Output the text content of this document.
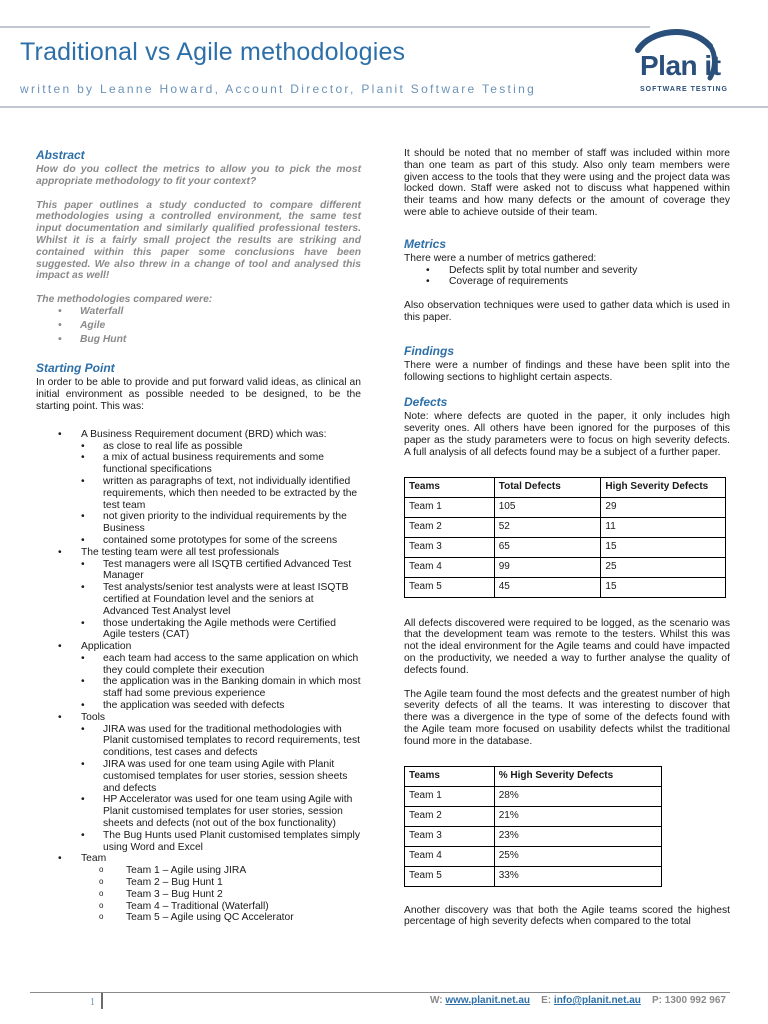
Traditional vs Agile methodologies
written by Leanne Howard, Account Director, Planit Software Testing
Plan it
SOFTWARE TESTING
Abstract

How do you collect the metrics to allow you to pick the most appropriate methodology to fit your context?

This paper outlines a study conducted to compare different methodologies using a controlled environment, the same test input documentation and similarly qualified professional testers. Whilst it is a fairly small project the results are striking and contained within this paper some conclusions have been suggested. We also threw in a change of tool and analysed this impact as well!

The methodologies compared were:

• Waterfall
• Agile
• Bug Hunt
Starting Point

In order to be able to provide and put forward valid ideas, as clinical an initial environment as possible needed to be designed, to be the starting point. This was:

• A Business Requirement document (BRD) which was:
• as close to real life as possible
• a mix of actual business requirements and some functional specifications
• written as paragraphs of text, not individually identified requirements, which then needed to be extracted by the test team
• not given priority to the individual requirements by the Business
• contained some prototypes for some of the screens
• The testing team were all test professionals
• Test managers were all ISQTB certified Advanced Test Manager
• Test analysts/senior test analysts were at least ISQTB certified at Foundation level and the seniors at Advanced Test Analyst level
• those undertaking the Agile methods were Certified Agile testers (CAT)
• Application
• each team had access to the same application on which they could complete their execution
• the application was in the Banking domain in which most staff had some previous experience
• the application was seeded with defects
• Tools
• JIRA was used for the traditional methodologies with Planit customised templates to record requirements, test conditions, test cases and defects
• JIRA was used for one team using Agile with Planit customised templates for user stories, session sheets and defects
• HP Accelerator was used for one team using Agile with Planit customised templates for user stories, session sheets and defects (not out of the box functionality)
• The Bug Hunts used Planit customised templates simply using Word and Excel
• Team
o Team 1 – Agile using JIRA
o Team 2 – Bug Hunt 1
o Team 3 – Bug Hunt 2
o Team 4 – Traditional (Waterfall)
o Team 5 – Agile using QC Accelerator

It should be noted that no member of staff was included within more than one team as part of this study. Also only team members were given access to the tools that they were using and the project data was locked down. Staff were asked not to discuss what happened within their teams and how many defects or the amount of coverage they were able to achieve outside of their team.

Metrics

There were a number of metrics gathered:

• Defects split by total number and severity
• Coverage of requirements

Also observation techniques were used to gather data which is used in this paper.

Findings

There were a number of findings and these have been split into the following sections to highlight certain aspects.

Defects

Note: where defects are quoted in the paper, it only includes high severity ones. All others have been ignored for the purposes of this paper as the study parameters were to focus on high severity defects. A full analysis of all defects found may be a subject of a further paper.

Teams	Total Defects	High Severity Defects
Team 1	105	29
Team 2	52	11
Team 3	65	15
Team 4	99	25
Team 5	45	15

All defects discovered were required to be logged, as the scenario was that the development team was remote to the testers. Whilst this was not the ideal environment for the Agile teams and could have impacted on the productivity, we needed a way to further analyse the quality of defects found.

The Agile team found the most defects and the greatest number of high severity defects of all the teams. It was interesting to discover that there was a divergence in the type of some of the defects found with the Agile team more focused on usability defects whilst the traditional found more in the database.

Teams	% High Severity Defects
Team 1	28%
Team 2	21%
Team 3	23%
Team 4	25%
Team 5	33%

Another discovery was that both the Agile teams scored the highest percentage of high severity defects when compared to the total

1	W: www.planit.net.au E: info@planit.net.au P: 1300 992 967
